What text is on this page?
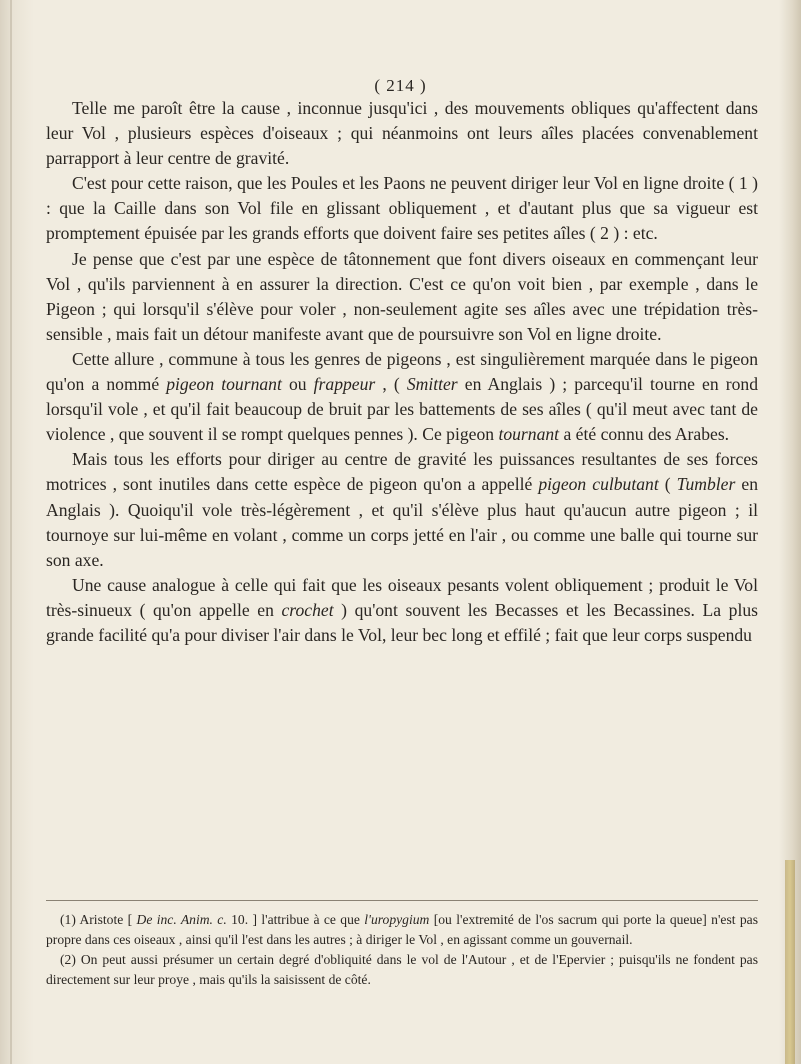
( 214 )

Telle me paroît être la cause , inconnue jusqu'ici , des mouvements obliques qu'affectent dans leur Vol , plusieurs espèces d'oiseaux ; qui néanmoins ont leurs aîles placées convenablement parrapport à leur centre de gravité.

C'est pour cette raison, que les Poules et les Paons ne peuvent diriger leur Vol en ligne droite ( 1 ) : que la Caille dans son Vol file en glissant obliquement , et d'autant plus que sa vigueur est promptement épuisée par les grands efforts que doivent faire ses petites aîles ( 2 ) : etc.

Je pense que c'est par une espèce de tâtonnement que font divers oiseaux en commençant leur Vol , qu'ils parviennent à en assurer la direction. C'est ce qu'on voit bien , par exemple , dans le Pigeon ; qui lorsqu'il s'élève pour voler , non-seulement agite ses aîles avec une trépidation très-sensible , mais fait un détour manifeste avant que de poursuivre son Vol en ligne droite.

Cette allure , commune à tous les genres de pigeons , est singulièrement marquée dans le pigeon qu'on a nommé pigeon tournant ou frappeur , ( Smitter en Anglais ) ; parcequ'il tourne en rond lorsqu'il vole , et qu'il fait beaucoup de bruit par les battements de ses aîles ( qu'il meut avec tant de violence , que souvent il se rompt quelques pennes ). Ce pigeon tournant a été connu des Arabes.

Mais tous les efforts pour diriger au centre de gravité les puissances resultantes de ses forces motrices , sont inutiles dans cette espèce de pigeon qu'on a appellé pigeon culbutant ( Tumbler en Anglais ). Quoiqu'il vole très-légèrement , et qu'il s'élève plus haut qu'aucun autre pigeon ; il tournoye sur lui-même en volant , comme un corps jetté en l'air , ou comme une balle qui tourne sur son axe.

Une cause analogue à celle qui fait que les oiseaux pesants volent obliquement ; produit le Vol très-sinueux ( qu'on appelle en crochet ) qu'ont souvent les Becasses et les Becassines. La plus grande facilité qu'a pour diviser l'air dans le Vol, leur bec long et effilé ; fait que leur corps suspendu

(1) Aristote [ De inc. Anim. c. 10. ] l'attribue à ce que l'uropygium [ou l'extremité de l'os sacrum qui porte la queue] n'est pas propre dans ces oiseaux , ainsi qu'il l'est dans les autres ; à diriger le Vol , en agissant comme un gouvernail.

(2) On peut aussi présumer un certain degré d'obliquité dans le vol de l'Autour , et de l'Epervier ; puisqu'ils ne fondent pas directement sur leur proye , mais qu'ils la saisissent de côté.
